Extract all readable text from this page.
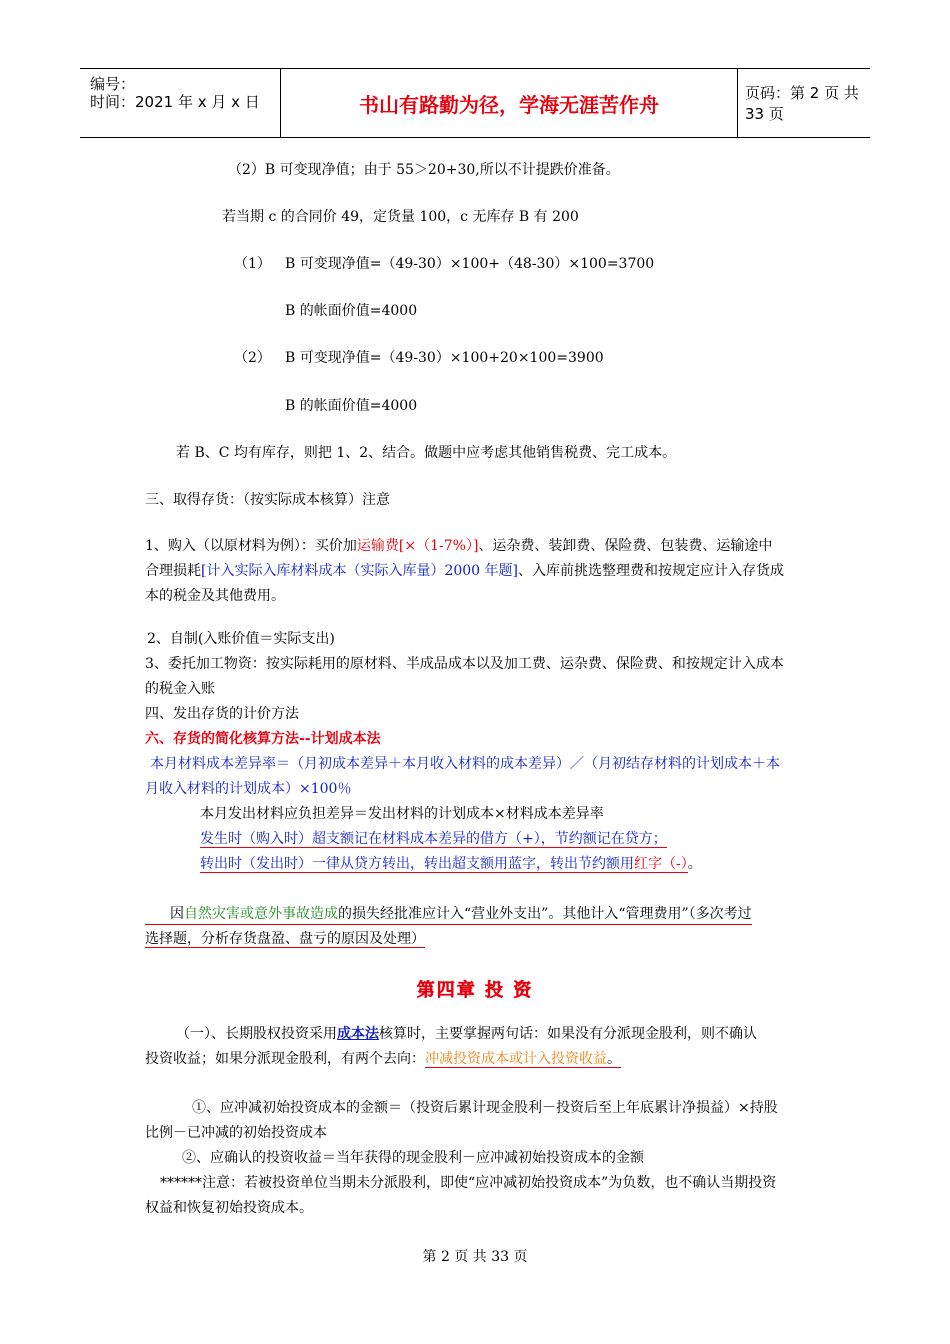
编号：
时间：2021 年 x 月 x 日	书山有路勤为径，学海无涯苦作舟	页码：第 2 页 共 33 页
（2）B 可变现净值；由于 55＞20+30,所以不计提跌价准备。
若当期 c 的合同价 49，定货量 100，c 无库存 B 有 200
（1） B 可变现净值=（49-30）×100+（48-30）×100=3700
B 的帐面价值=4000
（2） B 可变现净值=（49-30）×100+20×100=3900
B 的帐面价值=4000
若 B、C 均有库存，则把 1、2、结合。做题中应考虑其他销售税费、完工成本。
三、取得存货：（按实际成本核算）注意
1、购入（以原材料为例）：买价加运输费[×（1-7%）]、运杂费、装卸费、保险费、包装费、运输途中
合理损耗[计入实际入库材料成本（实际入库量）2000 年题]、入库前挑选整理费和按规定应计入存货成
本的税金及其他费用。
2、自制(入账价值＝实际支出)
3、委托加工物资：按实际耗用的原材料、半成品成本以及加工费、运杂费、保险费、和按规定计入成本
的税金入账
四、发出存货的计价方法
六、存货的简化核算方法--计划成本法
本月材料成本差异率＝（月初成本差异＋本月收入材料的成本差异）／（月初结存材料的计划成本＋本
月收入材料的计划成本）×100％
本月发出材料应负担差异＝发出材料的计划成本×材料成本差异率
发生时（购入时）超支额记在材料成本差异的借方（+），节约额记在贷方；
转出时（发出时）一律从贷方转出，转出超支额用蓝字，转出节约额用红字（-）。
因自然灾害或意外事故造成的损失经批准应计入“营业外支出”。其他计入“管理费用”（多次考过
选择题，分析存货盘盈、盘亏的原因及处理）
第四章 投 资
（一）、长期股权投资采用成本法核算时，主要掌握两句话：如果没有分派现金股利，则不确认
投资收益；如果分派现金股利，有两个去向：冲减投资成本或计入投资收益。
①、应冲减初始投资成本的金额＝（投资后累计现金股利－投资后至上年底累计净损益）×持股
比例－已冲减的初始投资成本
②、应确认的投资收益＝当年获得的现金股利－应冲减初始投资成本的金额
******注意：若被投资单位当期未分派股利，即使“应冲减初始投资成本”为负数，也不确认当期投资
权益和恢复初始投资成本。
第 2 页 共 33 页
